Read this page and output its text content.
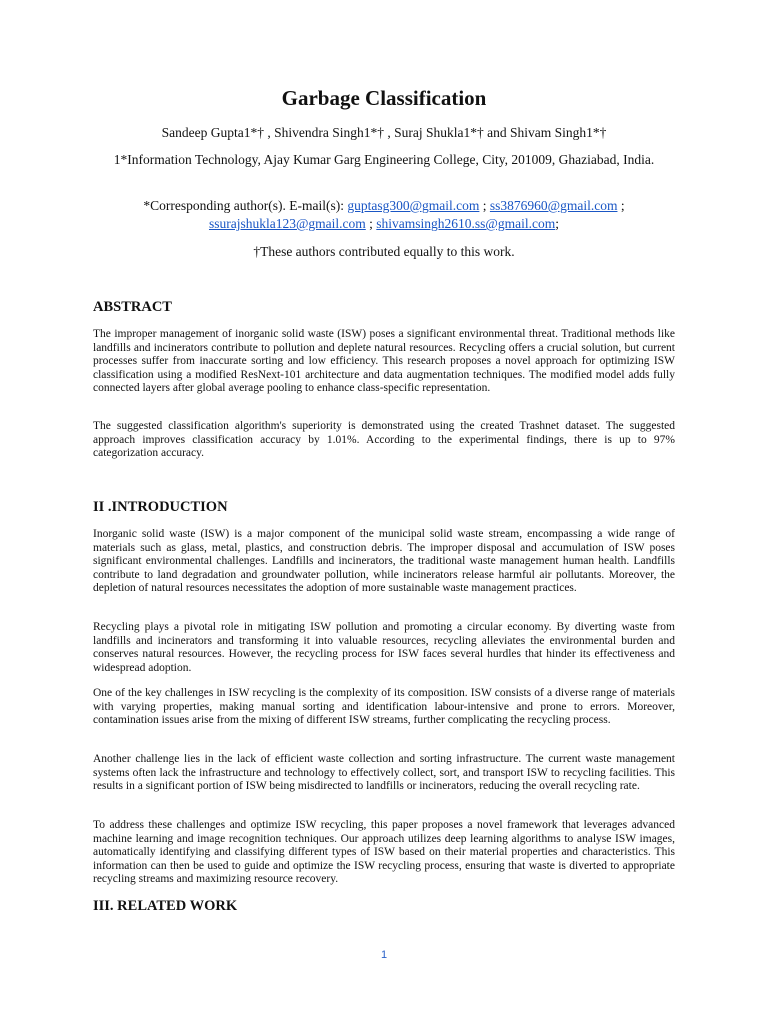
Garbage Classification

Sandeep Gupta1*† , Shivendra Singh1*† , Suraj Shukla1*† and Shivam Singh1*†

1*Information Technology, Ajay Kumar Garg Engineering College, City, 201009, Ghaziabad, India.

*Corresponding author(s). E-mail(s): guptasg300@gmail.com ; ss3876960@gmail.com ;
ssurajshukla123@gmail.com ; shivamsingh2610.ss@gmail.com;

†These authors contributed equally to this work.

ABSTRACT

The improper management of inorganic solid waste (ISW) poses a significant environmental threat. Traditional methods like landfills and incinerators contribute to pollution and deplete natural resources. Recycling offers a crucial solution, but current processes suffer from inaccurate sorting and low efficiency. This research proposes a novel approach for optimizing ISW classification using a modified ResNext-101 architecture and data augmentation techniques. The modified model adds fully connected layers after global average pooling to enhance class-specific representation.

The suggested classification algorithm's superiority is demonstrated using the created Trashnet dataset. The suggested approach improves classification accuracy by 1.01%. According to the experimental findings, there is up to 97% categorization accuracy.

II .INTRODUCTION

Inorganic solid waste (ISW) is a major component of the municipal solid waste stream, encompassing a wide range of materials such as glass, metal, plastics, and construction debris. The improper disposal and accumulation of ISW poses significant environmental challenges. Landfills and incinerators, the traditional waste management human health. Landfills contribute to land degradation and groundwater pollution, while incinerators release harmful air pollutants. Moreover, the depletion of natural resources necessitates the adoption of more sustainable waste management practices.

Recycling plays a pivotal role in mitigating ISW pollution and promoting a circular economy. By diverting waste from landfills and incinerators and transforming it into valuable resources, recycling alleviates the environmental burden and conserves natural resources. However, the recycling process for ISW faces several hurdles that hinder its effectiveness and widespread adoption.

One of the key challenges in ISW recycling is the complexity of its composition. ISW consists of a diverse range of materials with varying properties, making manual sorting and identification labour-intensive and prone to errors. Moreover, contamination issues arise from the mixing of different ISW streams, further complicating the recycling process.

Another challenge lies in the lack of efficient waste collection and sorting infrastructure. The current waste management systems often lack the infrastructure and technology to effectively collect, sort, and transport ISW to recycling facilities. This results in a significant portion of ISW being misdirected to landfills or incinerators, reducing the overall recycling rate.

To address these challenges and optimize ISW recycling, this paper proposes a novel framework that leverages advanced machine learning and image recognition techniques. Our approach utilizes deep learning algorithms to analyse ISW images, automatically identifying and classifying different types of ISW based on their material properties and characteristics. This information can then be used to guide and optimize the ISW recycling process, ensuring that waste is diverted to appropriate recycling streams and maximizing resource recovery.

III. RELATED WORK
1
